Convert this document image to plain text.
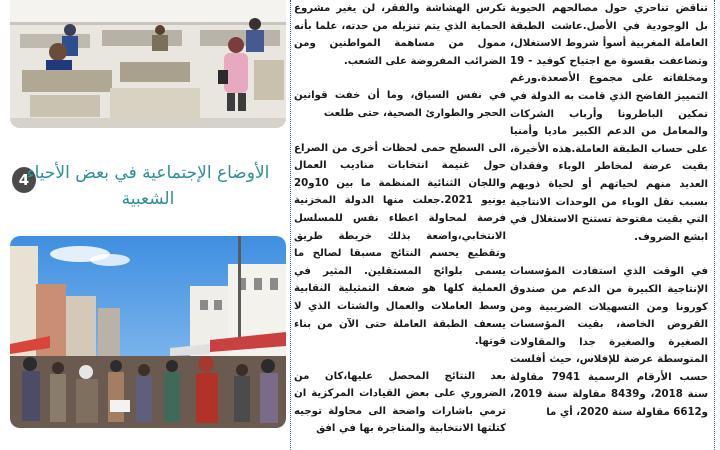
4
الأوضاع الإجتماعية في بعض الأحياء الشعبية

تكرس الهشاشة والفقر، لن يغير مشروع الحماية الذي يتم تنزيله من حدته، علما بأنه ممول من مساهمة المواطنين ومن الضرائب المفروضة على الشعب.

في نفس السياق، وما أن خفت قوانين الحجر والطوارئ الصحية، حتى طلعت

الى السطح حمى لحظات أخرى من الصراع حول غنيمة انتخابات مناديب العمال واللجان الثنائية المنظمة ما بين 10و20 يونيو 2021.جعلت منها الدولة المخزنية فرصة لمحاولة اعطاء نفس للمسلسل الانتخابي،واضعة بذلك خريطة طريق وتقطيع يحسم النتائج مسبقا لصالح ما يسمى بلوائح المستقلين. المثير في العملية كلها هو ضعف التمثيلية النقابية وسط العاملات والعمال والشتات الذي لا يسعف الطبقة العاملة حتى الآن من بناء قوتها.

بعد النتائج المحصل عليها،كان من الضروري على بعض القيادات المركزية ان ترمي باشارات واضحة الى محاولة توجيه كتلتها الانتخابية والمتاجرة بها في افق

تناقض تناحري حول مصالحهم الحيوية بل الوجودية في الأصل.عاشت الطبقة العاملة المغربية أسوأ شروط الاستغلال، وتضاعفت بقسوة مع اجتياح كوفيد - 19 ومخلفاته على مجموع الأصعدة.ورغم التمييز الفاضح الذي قامت به الدولة في تمكين الباطرونا وأرباب الشركات والمعامل من الدعم الكبير ماديا وأمنيا على حساب الطبقة العاملة.هذه الأخيرة، بقيت عرضة لمخاطر الوباء وفقدان العديد منهم لحياتهم أو لحياة ذويهم بسبب نقل الوباء من الوحدات الانتاجية التي بقيت مفتوحة تستنح الاستغلال في ابشع الضروف.

في الوقت الذي استفادت المؤسسات الإنتاجية الكبيرة من الدعم من صندوق كورونا ومن التسهيلات الضريبية ومن القروض الخاصة، بقيت المؤسسات الصغيرة والصغيرة جدا والمقاولات المتوسطة عرضة للإفلاس، حيث أفلست حسب الأرقام الرسمية 7941 مقاولة سنة 2018، و8439 مقاولة سنة 2019، و6612 مقاولة سنة 2020، أي ما
